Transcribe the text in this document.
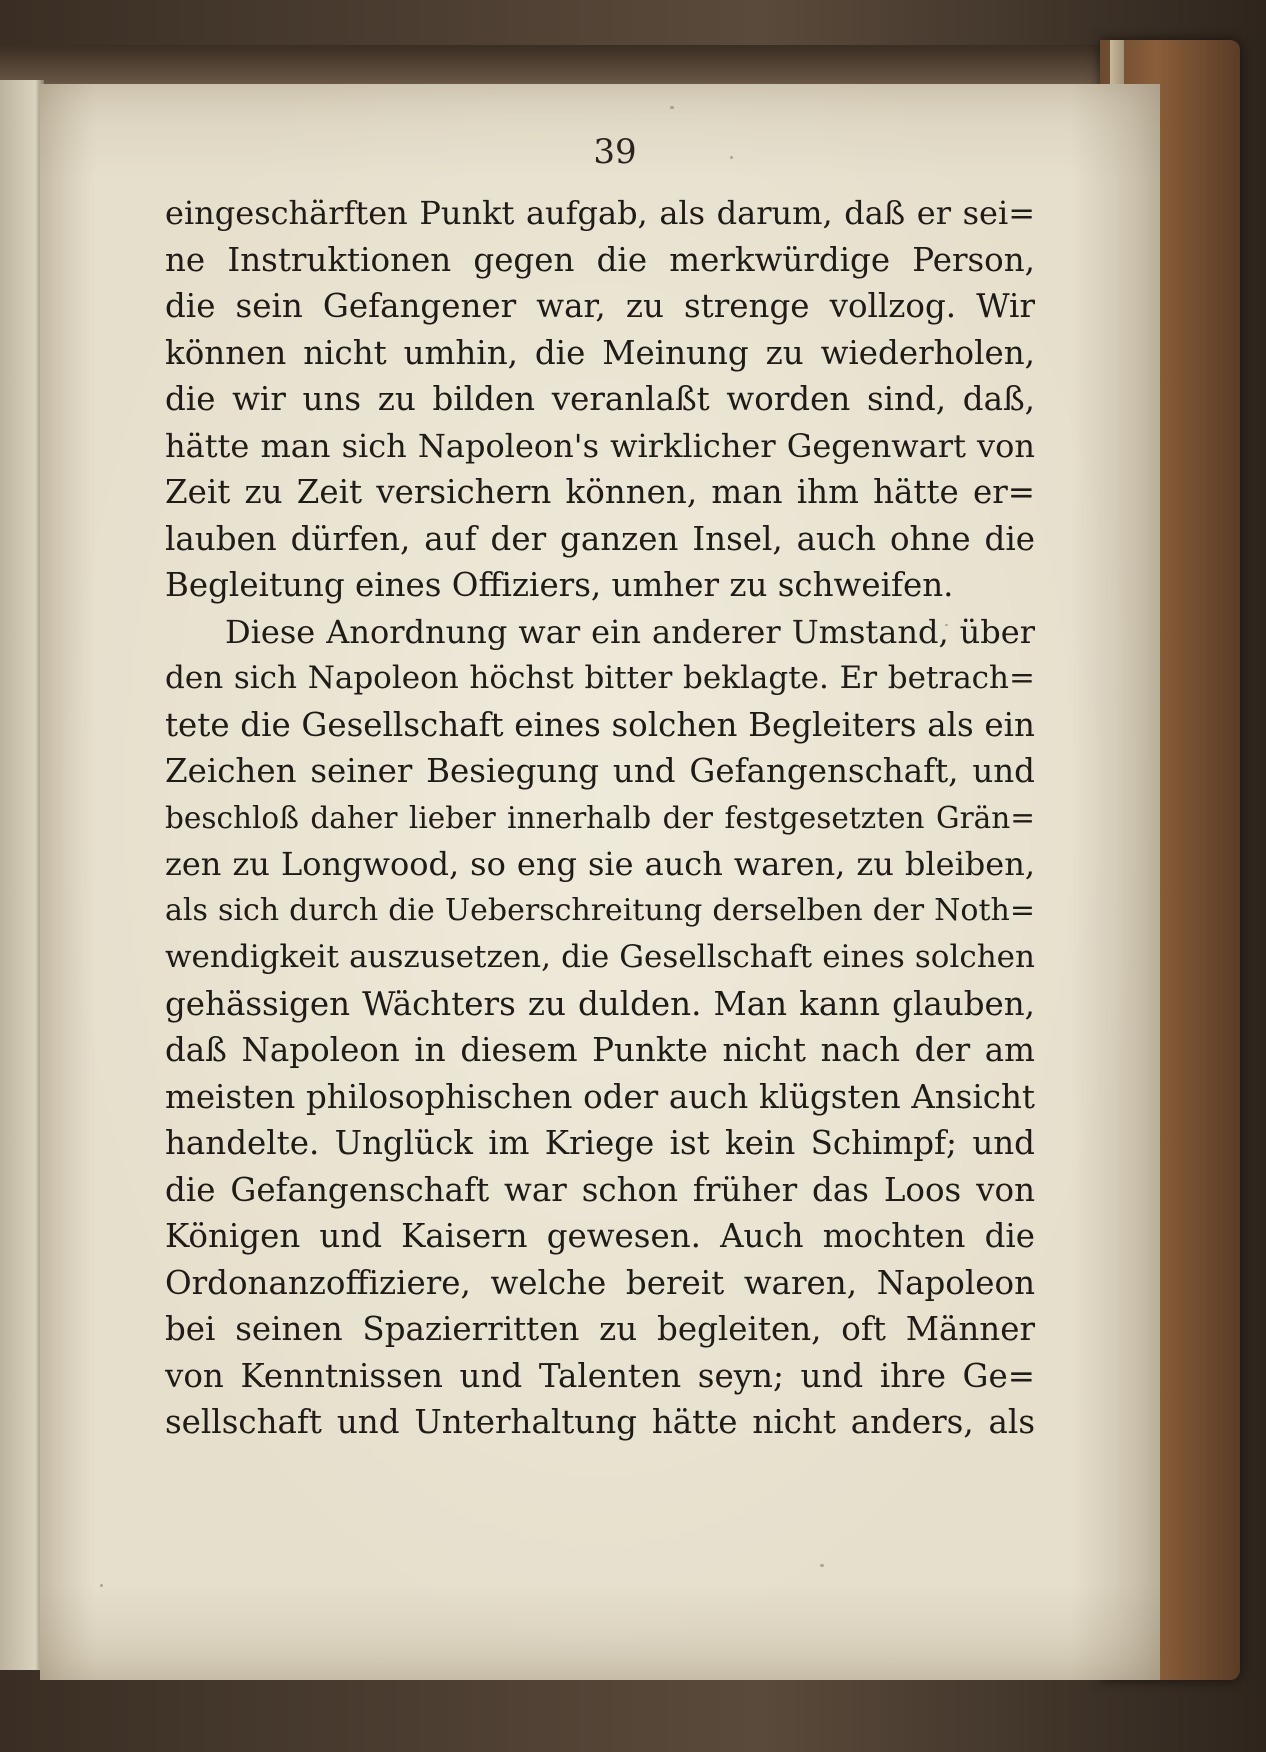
39
eingeschärften Punkt aufgab, als darum, daß er sei=
ne Instruktionen gegen die merkwürdige Person,
die sein Gefangener war, zu strenge vollzog. Wir
können nicht umhin, die Meinung zu wiederholen,
die wir uns zu bilden veranlaßt worden sind, daß,
hätte man sich Napoleon's wirklicher Gegenwart von
Zeit zu Zeit versichern können, man ihm hätte er=
lauben dürfen, auf der ganzen Insel, auch ohne die
Begleitung eines Offiziers, umher zu schweifen.
Diese Anordnung war ein anderer Umstand, über
den sich Napoleon höchst bitter beklagte. Er betrach=
tete die Gesellschaft eines solchen Begleiters als ein
Zeichen seiner Besiegung und Gefangenschaft, und
beschloß daher lieber innerhalb der festgesetzten Grän=
zen zu Longwood, so eng sie auch waren, zu bleiben,
als sich durch die Ueberschreitung derselben der Noth=
wendigkeit auszusetzen, die Gesellschaft eines solchen
gehässigen Wächters zu dulden. Man kann glauben,
daß Napoleon in diesem Punkte nicht nach der am
meisten philosophischen oder auch klügsten Ansicht
handelte. Unglück im Kriege ist kein Schimpf; und
die Gefangenschaft war schon früher das Loos von
Königen und Kaisern gewesen. Auch mochten die
Ordonanzoffiziere, welche bereit waren, Napoleon
bei seinen Spazierritten zu begleiten, oft Männer
von Kenntnissen und Talenten seyn; und ihre Ge=
sellschaft und Unterhaltung hätte nicht anders, als
